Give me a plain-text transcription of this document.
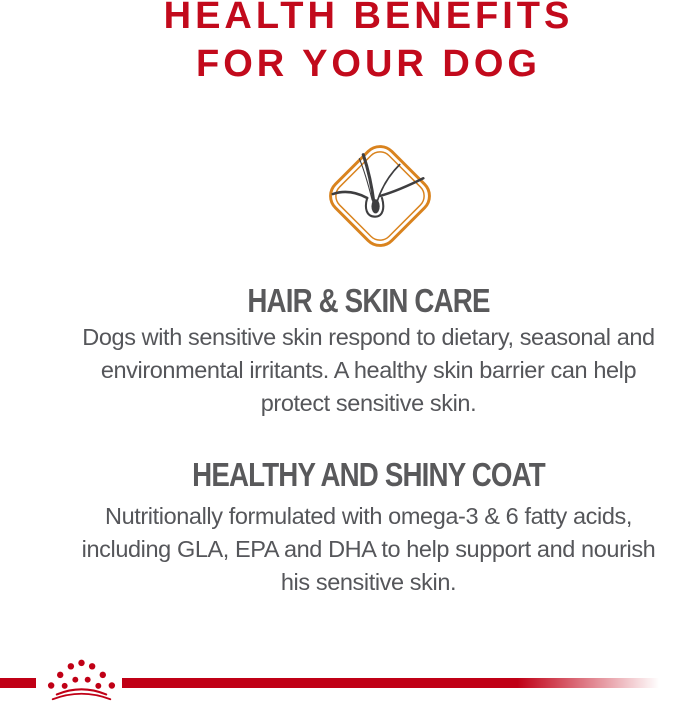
HEALTH BENEFITS
FOR YOUR DOG
HAIR & SKIN CARE

Dogs with sensitive skin respond to dietary, seasonal and
environmental irritants. A healthy skin barrier can help
protect sensitive skin.

HEALTHY AND SHINY COAT

Nutritionally formulated with omega-3 & 6 fatty acids,
including GLA, EPA and DHA to help support and nourish
his sensitive skin.
